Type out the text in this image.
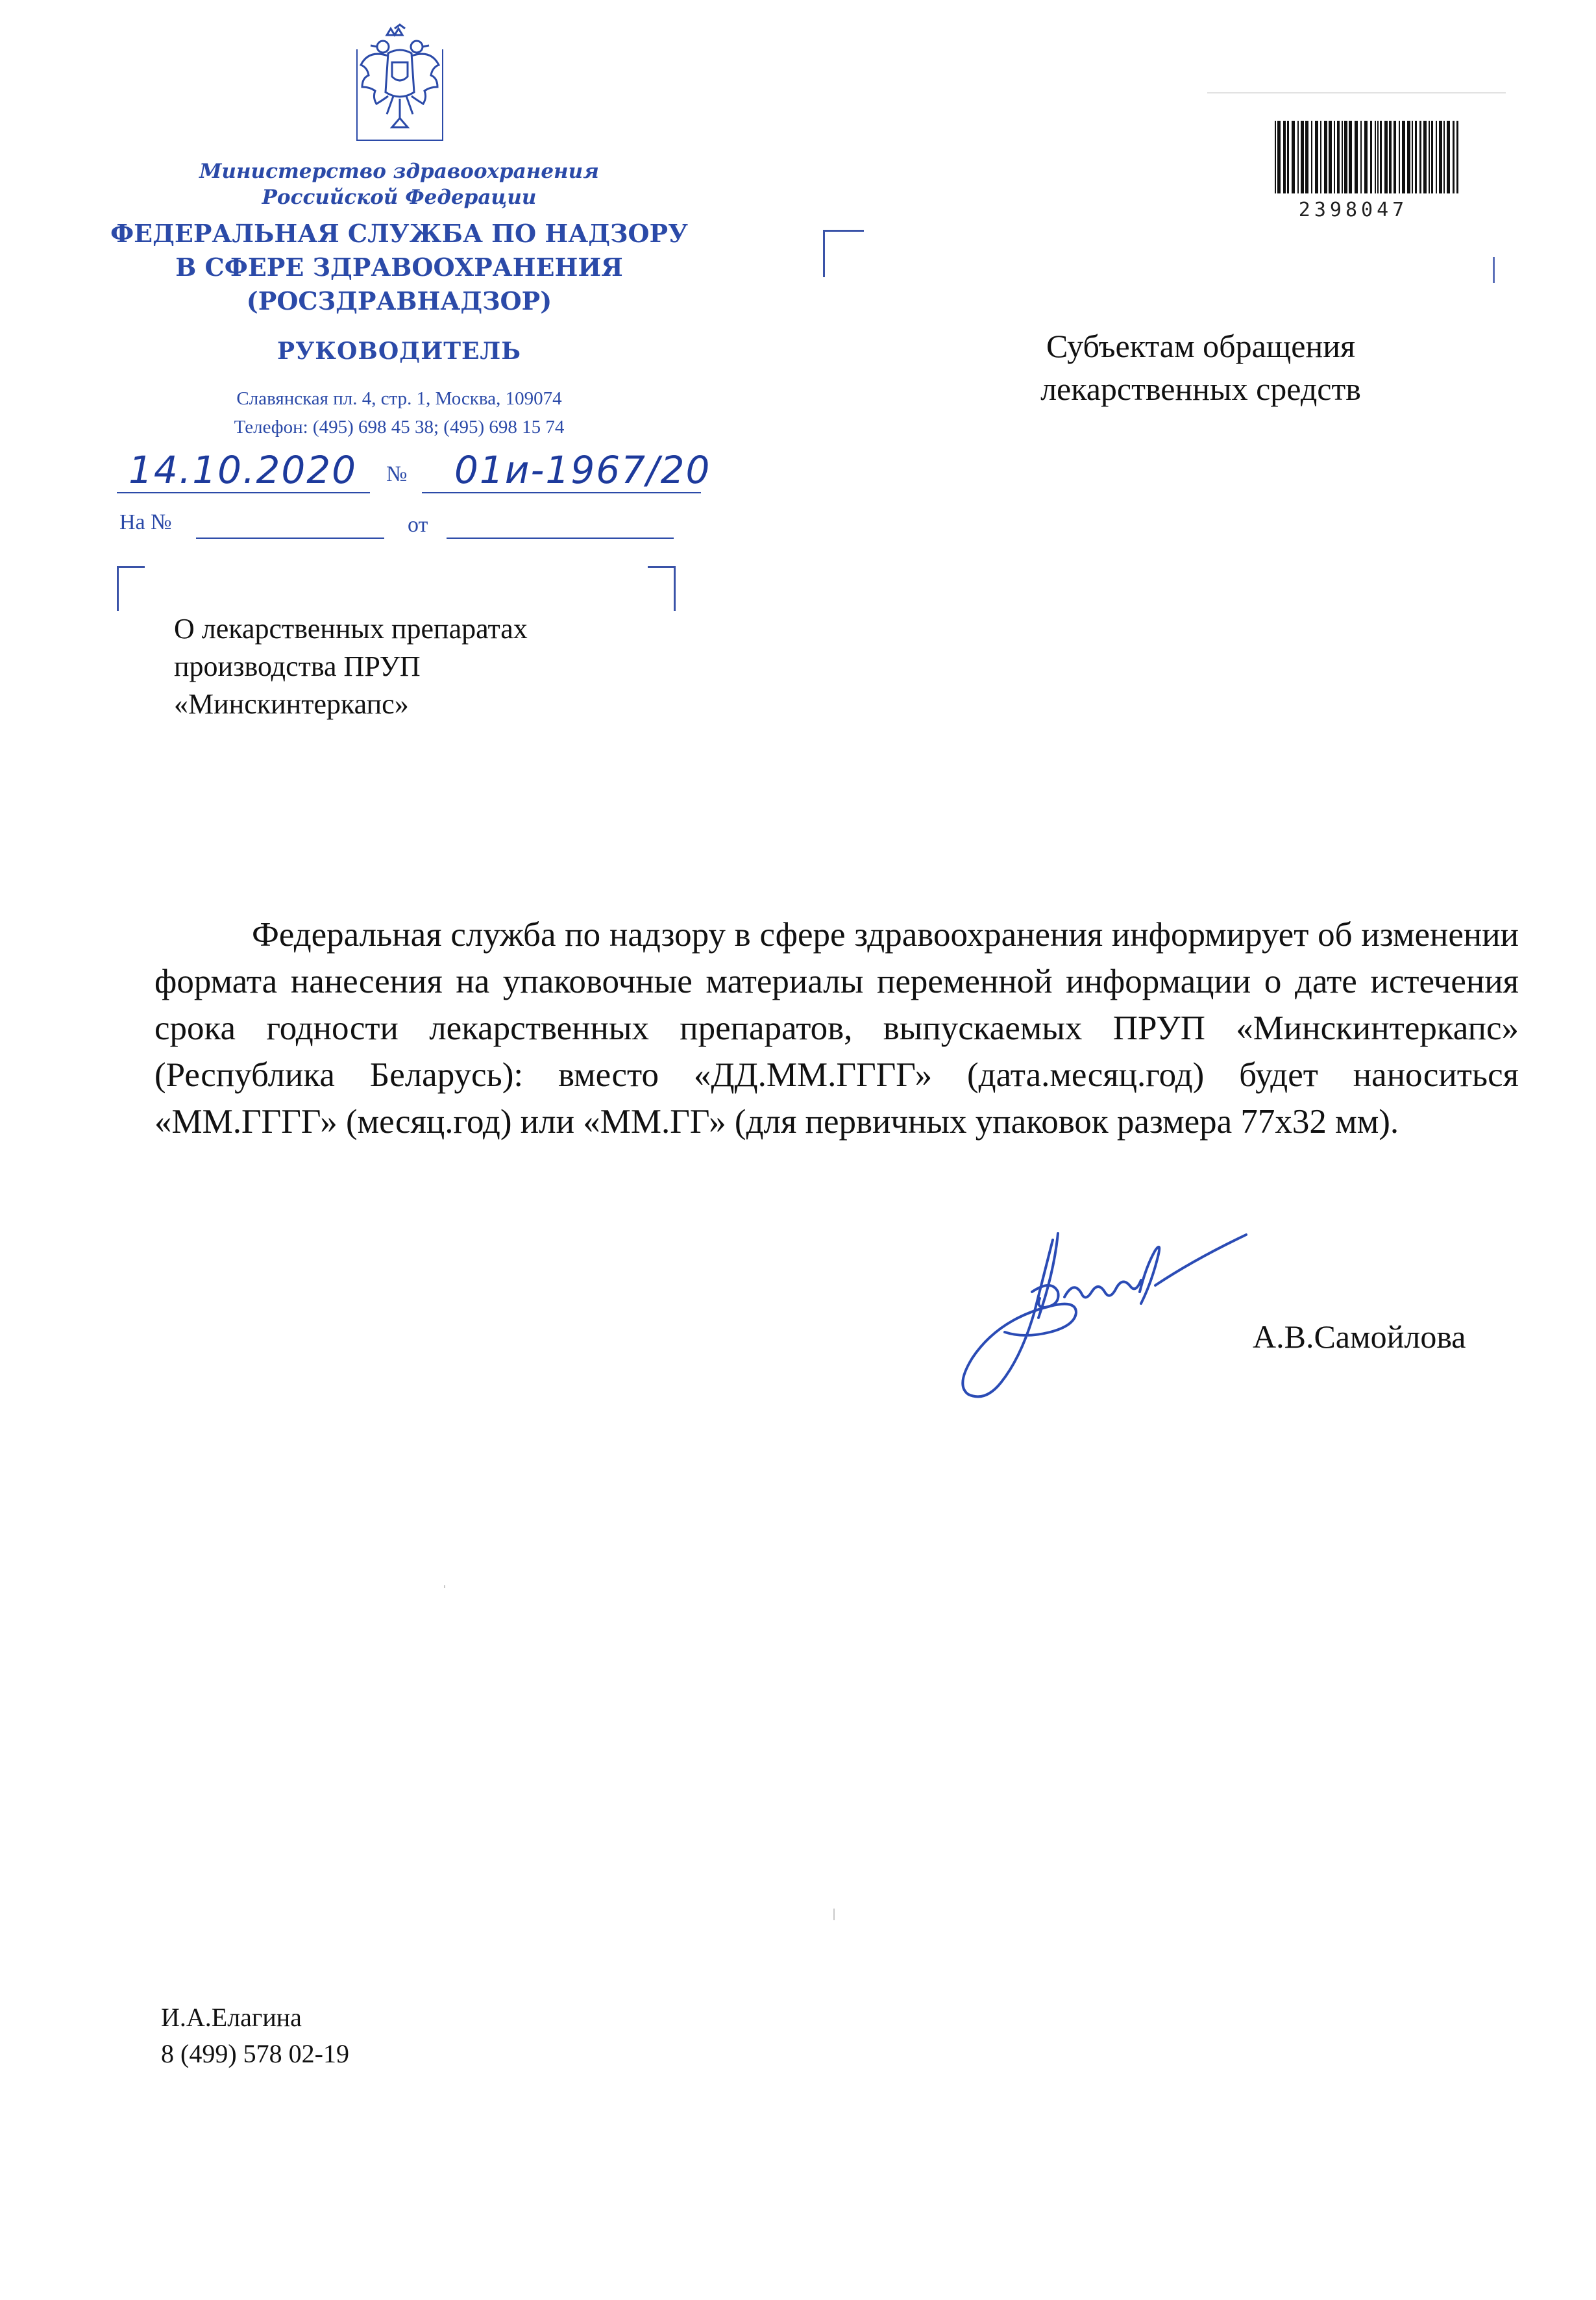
Министерство здравоохранения
Российской Федерации
ФЕДЕРАЛЬНАЯ СЛУЖБА ПО НАДЗОРУ
В СФЕРЕ ЗДРАВООХРАНЕНИЯ
(РОСЗДРАВНАДЗОР)
РУКОВОДИТЕЛЬ
Славянская пл. 4, стр. 1, Москва, 109074
Телефон: (495) 698 45 38; (495) 698 15 74
14.10.2020 № 01и-1967/20
На №	от
2398047
Субъектам обращения
лекарственных средств
О лекарственных препаратах
производства ПРУП
«Минскинтеркапс»

Федеральная служба по надзору в сфере здравоохранения информирует об изменении формата нанесения на упаковочные материалы переменной информации о дате истечения срока годности лекарственных препаратов, выпускаемых ПРУП «Минскинтеркапс» (Республика Беларусь): вместо «ДД.ММ.ГГГГ» (дата.месяц.год) будет наноситься «ММ.ГГГГ» (месяц.год) или «ММ.ГГ» (для первичных упаковок размера 77х32 мм).

А.В.Самойлова
И.А.Елагина
8 (499) 578 02-19
